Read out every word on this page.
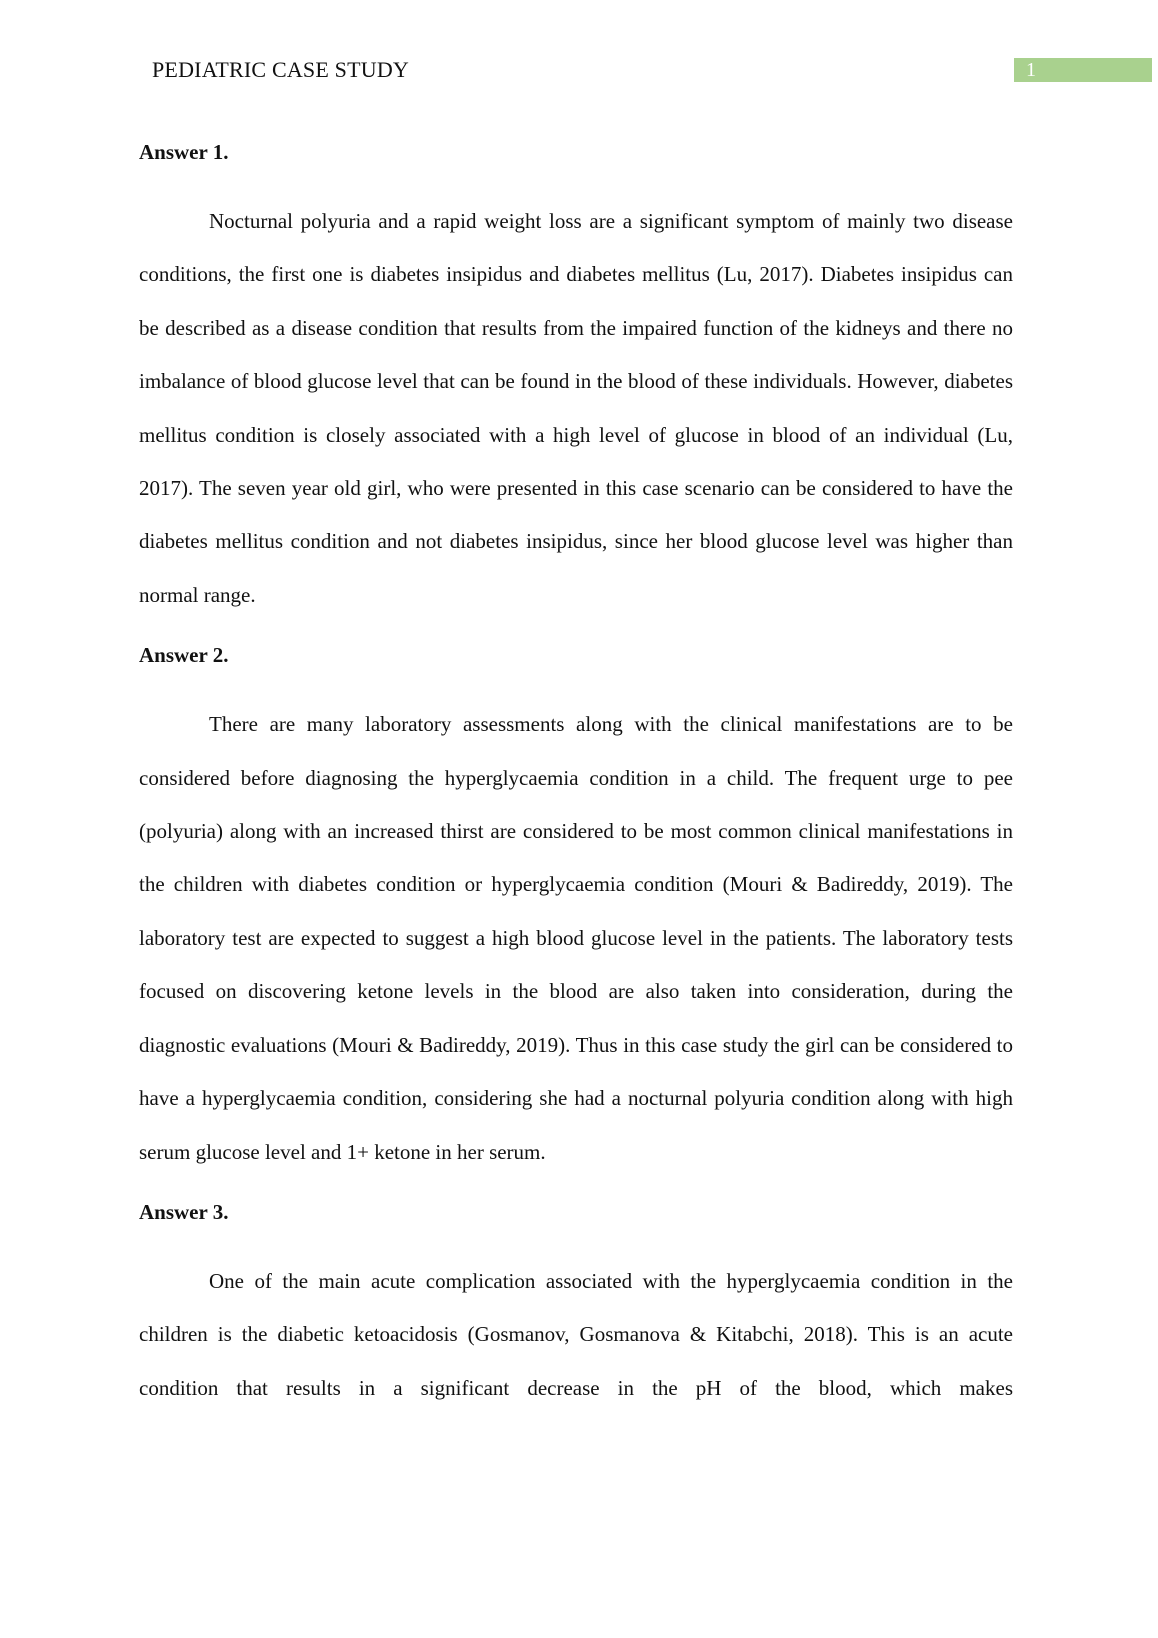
PEDIATRIC CASE STUDY	1
Answer 1.

Nocturnal polyuria and a rapid weight loss are a significant symptom of mainly two disease conditions, the first one is diabetes insipidus and diabetes mellitus (Lu, 2017). Diabetes insipidus can be described as a disease condition that results from the impaired function of the kidneys and there no imbalance of blood glucose level that can be found in the blood of these individuals. However, diabetes mellitus condition is closely associated with a high level of glucose in blood of an individual (Lu, 2017). The seven year old girl, who were presented in this case scenario can be considered to have the diabetes mellitus condition and not diabetes insipidus, since her blood glucose level was higher than normal range.

Answer 2.

There are many laboratory assessments along with the clinical manifestations are to be considered before diagnosing the hyperglycaemia condition in a child. The frequent urge to pee (polyuria) along with an increased thirst are considered to be most common clinical manifestations in the children with diabetes condition or hyperglycaemia condition (Mouri & Badireddy, 2019). The laboratory test are expected to suggest a high blood glucose level in the patients. The laboratory tests focused on discovering ketone levels in the blood are also taken into consideration, during the diagnostic evaluations (Mouri & Badireddy, 2019). Thus in this case study the girl can be considered to have a hyperglycaemia condition, considering she had a nocturnal polyuria condition along with high serum glucose level and 1+ ketone in her serum.

Answer 3.

One of the main acute complication associated with the hyperglycaemia condition in the children is the diabetic ketoacidosis (Gosmanov, Gosmanova & Kitabchi, 2018). This is an acute condition that results in a significant decrease in the pH of the blood, which makes
